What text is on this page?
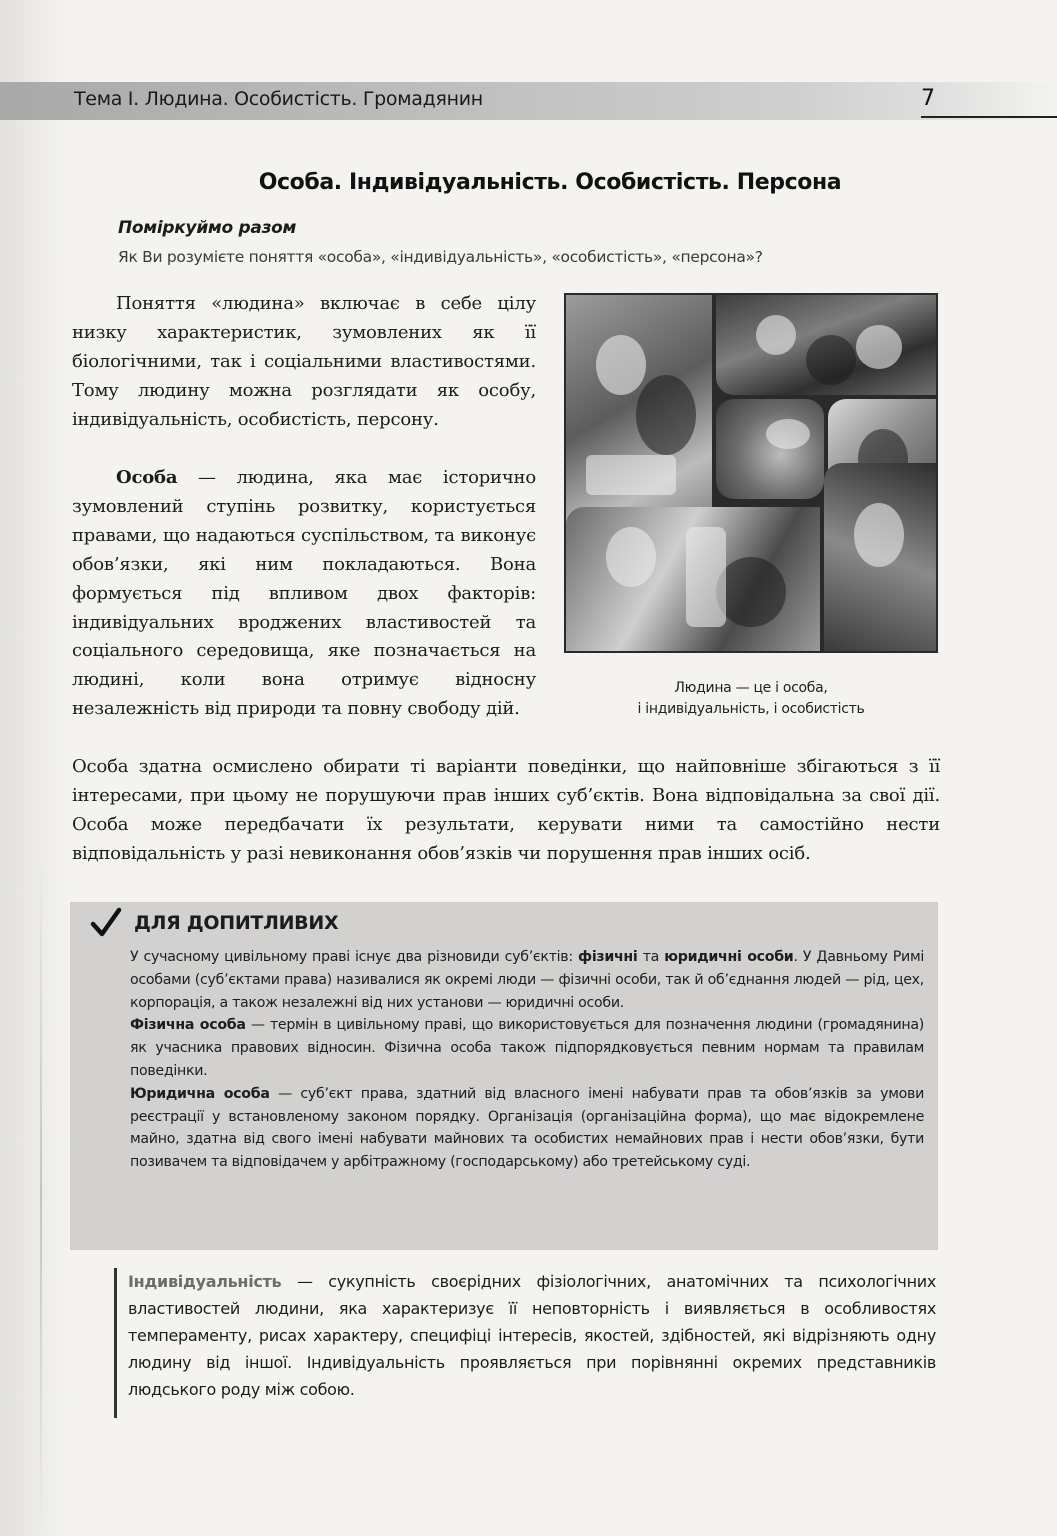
Тема І. Людина. Особистість. Громадянин	7
Особа. Індивідуальність. Особистість. Персона
Поміркуймо разом
Як Ви розумієте поняття «особа», «індивідуальність», «особистість», «персона»?

Поняття «людина» включає в себе цілу низку характеристик, зумовлених як її біологічними, так і соціальними властивостями. Тому людину можна розглядати як особу, індивідуальність, особистість, персону.

Особа — людина, яка має історично зумовлений ступінь розвитку, користується правами, що надаються суспільством, та виконує обов’язки, які ним покладаються. Вона формується під впливом двох факторів: індивідуальних вроджених властивостей та соціального середовища, яке позначається на людині, коли вона отримує відносну незалежність від природи та повну свободу дій.

Особа здатна осмислено обирати ті варіанти поведінки, що найповніше збігаються з її інтересами, при цьому не порушуючи прав інших суб’єктів. Вона відповідальна за свої дії. Особа може передбачати їх результати, керувати ними та самостійно нести відповідальність у разі невиконання обов’язків чи порушення прав інших осіб.

Людина — це і особа,
і індивідуальність, і особистість
ДЛЯ ДОПИТЛИВИХ
У сучасному цивільному праві існує два різновиди суб’єктів: фізичні та юридичні особи. У Давньому Римі особами (суб’єктами права) називалися як окремі люди — фізичні особи, так й об’єднання людей — рід, цех, корпорація, а також незалежні від них установи — юридичні особи.
Фізична особа — термін в цивільному праві, що використовується для позначення людини (громадянина) як учасника правових відносин. Фізична особа також підпорядковується певним нормам та правилам поведінки.
Юридична особа — суб’єкт права, здатний від власного імені набувати прав та обов’язків за умови реєстрації у встановленому законом порядку. Організація (організаційна форма), що має відокремлене майно, здатна від свого імені набувати майнових та особистих немайнових прав і нести обов’язки, бути позивачем та відповідачем у арбітражному (господарському) або третейському суді.

Індивідуальність — сукупність своєрідних фізіологічних, анатомічних та психологічних властивостей людини, яка характеризує її неповторність і виявляється в особливостях темпераменту, рисах характеру, специфіці інтересів, якостей, здібностей, які відрізняють одну людину від іншої. Індивідуальність проявляється при порівнянні окремих представників людського роду між собою.
